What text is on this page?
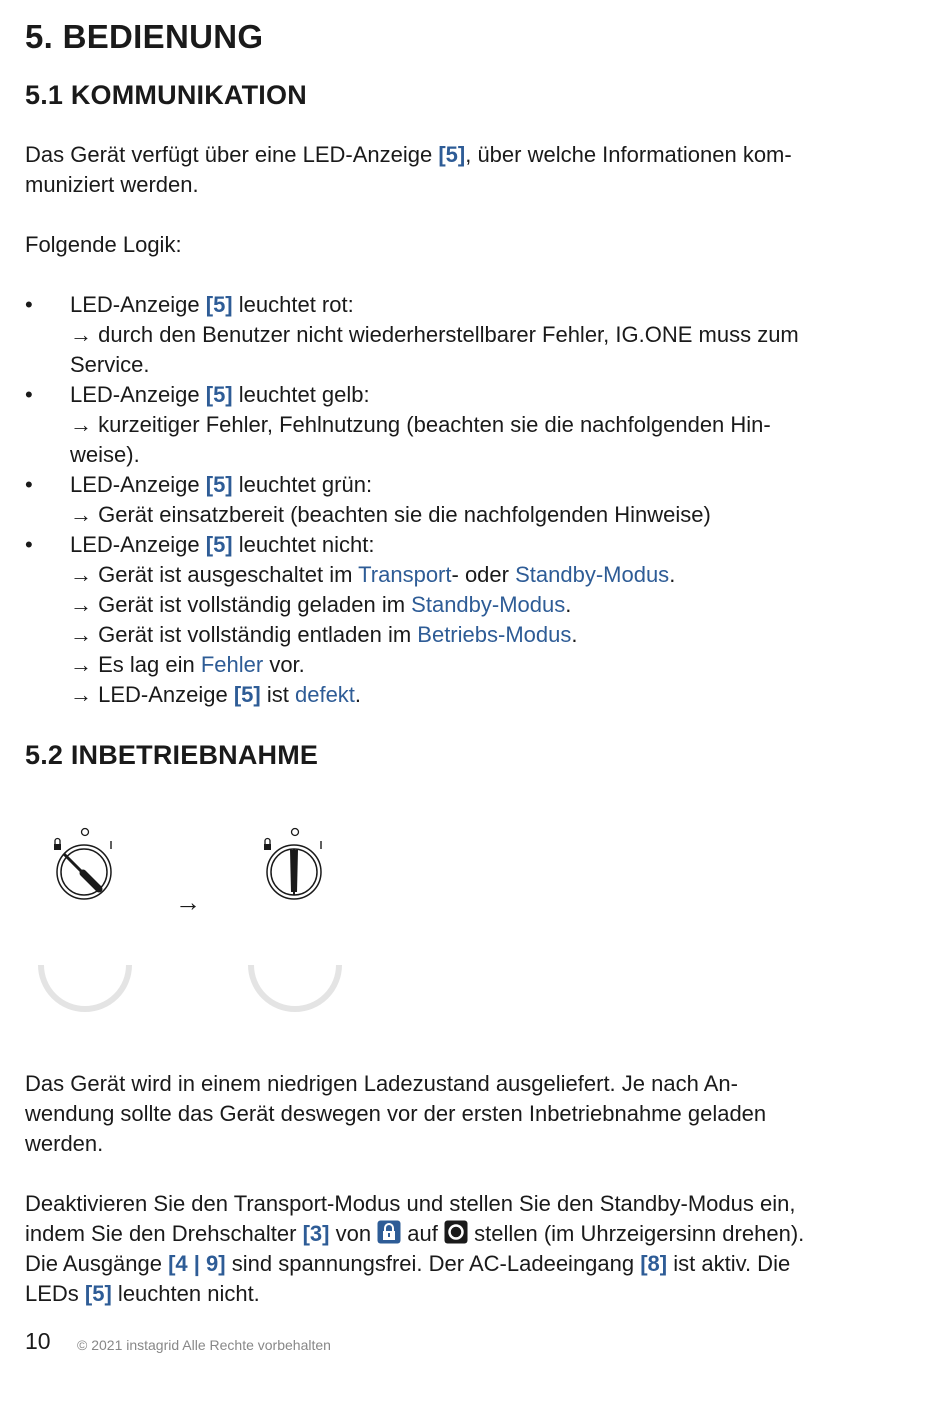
5. BEDIENUNG
5.1 KOMMUNIKATION

Das Gerät verfügt über eine LED-Anzeige [5], über welche Informationen kom-
muniziert werden.

Folgende Logik:

•	LED-Anzeige [5] leuchtet rot:
→ durch den Benutzer nicht wiederherstellbarer Fehler, IG.ONE muss zum
Service.
•	LED-Anzeige [5] leuchtet gelb:
→ kurzeitiger Fehler, Fehlnutzung (beachten sie die nachfolgenden Hin-
weise).
•	LED-Anzeige [5] leuchtet grün:
→ Gerät einsatzbereit (beachten sie die nachfolgenden Hinweise)
•	LED-Anzeige [5] leuchtet nicht:
→ Gerät ist ausgeschaltet im Transport- oder Standby-Modus.
→ Gerät ist vollständig geladen im Standby-Modus.
→ Gerät ist vollständig entladen im Betriebs-Modus.
→ Es lag ein Fehler vor.
→ LED-Anzeige [5] ist defekt.
5.2 INBETRIEBNAHME
→

Das Gerät wird in einem niedrigen Ladezustand ausgeliefert. Je nach An-
wendung sollte das Gerät deswegen vor der ersten Inbetriebnahme geladen
werden.

Deaktivieren Sie den Transport-Modus und stellen Sie den Standby-Modus ein,
indem Sie den Drehschalter [3] von  auf  stellen (im Uhrzeigersinn drehen).
Die Ausgänge [4 | 9] sind spannungsfrei. Der AC-Ladeeingang [8] ist aktiv. Die
LEDs [5] leuchten nicht.

10 © 2021 instagrid Alle Rechte vorbehalten
